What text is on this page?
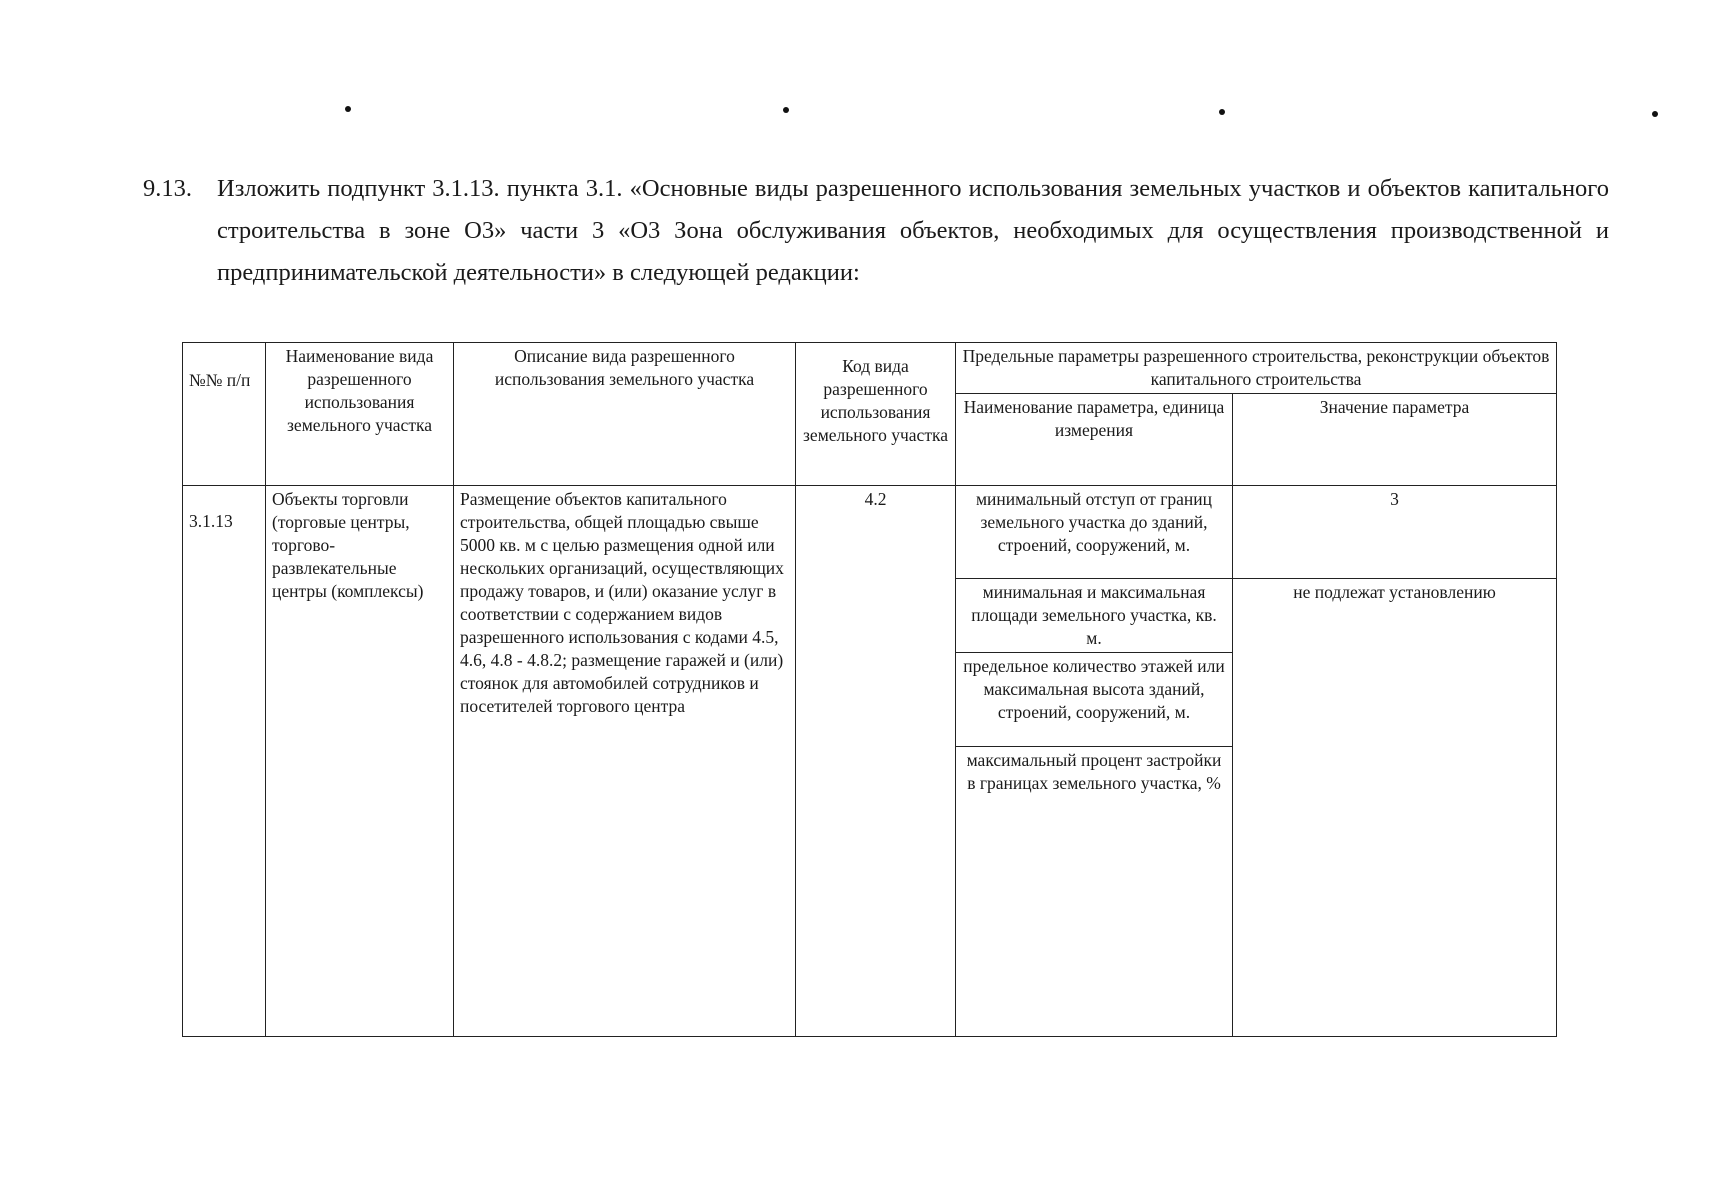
9.13.	Изложить подпункт 3.1.13. пункта 3.1. «Основные виды разрешенного использования земельных участков и объектов капитального строительства в зоне О3» части 3 «О3 Зона обслуживания объектов, необходимых для осуществления производственной и предпринимательской деятельности» в следующей редакции:
№№ п/п	Наименование вида разрешенного использования земельного участка	Описание вида разрешенного использования земельного участка	Код вида разрешенного использования земельного участка	Предельные параметры разрешенного строительства, реконструкции объектов капитального строительства	
				Наименование параметра, единица измерения	Значение параметра
3.1.13	Объекты торговли (торговые центры, торгово-развлекательные центры (комплексы)	Размещение объектов капитального строительства, общей площадью свыше 5000 кв. м с целью размещения одной или нескольких организаций, осуществляющих продажу товаров, и (или) оказание услуг в соответствии с содержанием видов разрешенного использования с кодами 4.5, 4.6, 4.8 - 4.8.2; размещение гаражей и (или) стоянок для автомобилей сотрудников и посетителей торгового центра	4.2	минимальный отступ от границ земельного участка до зданий, строений, сооружений, м.	3
				минимальная и максимальная площади земельного участка, кв. м.	не подлежат установлению
				предельное количество этажей или максимальная высота зданий, строений, сооружений, м.	
				максимальный процент застройки в границах земельного участка, %	
